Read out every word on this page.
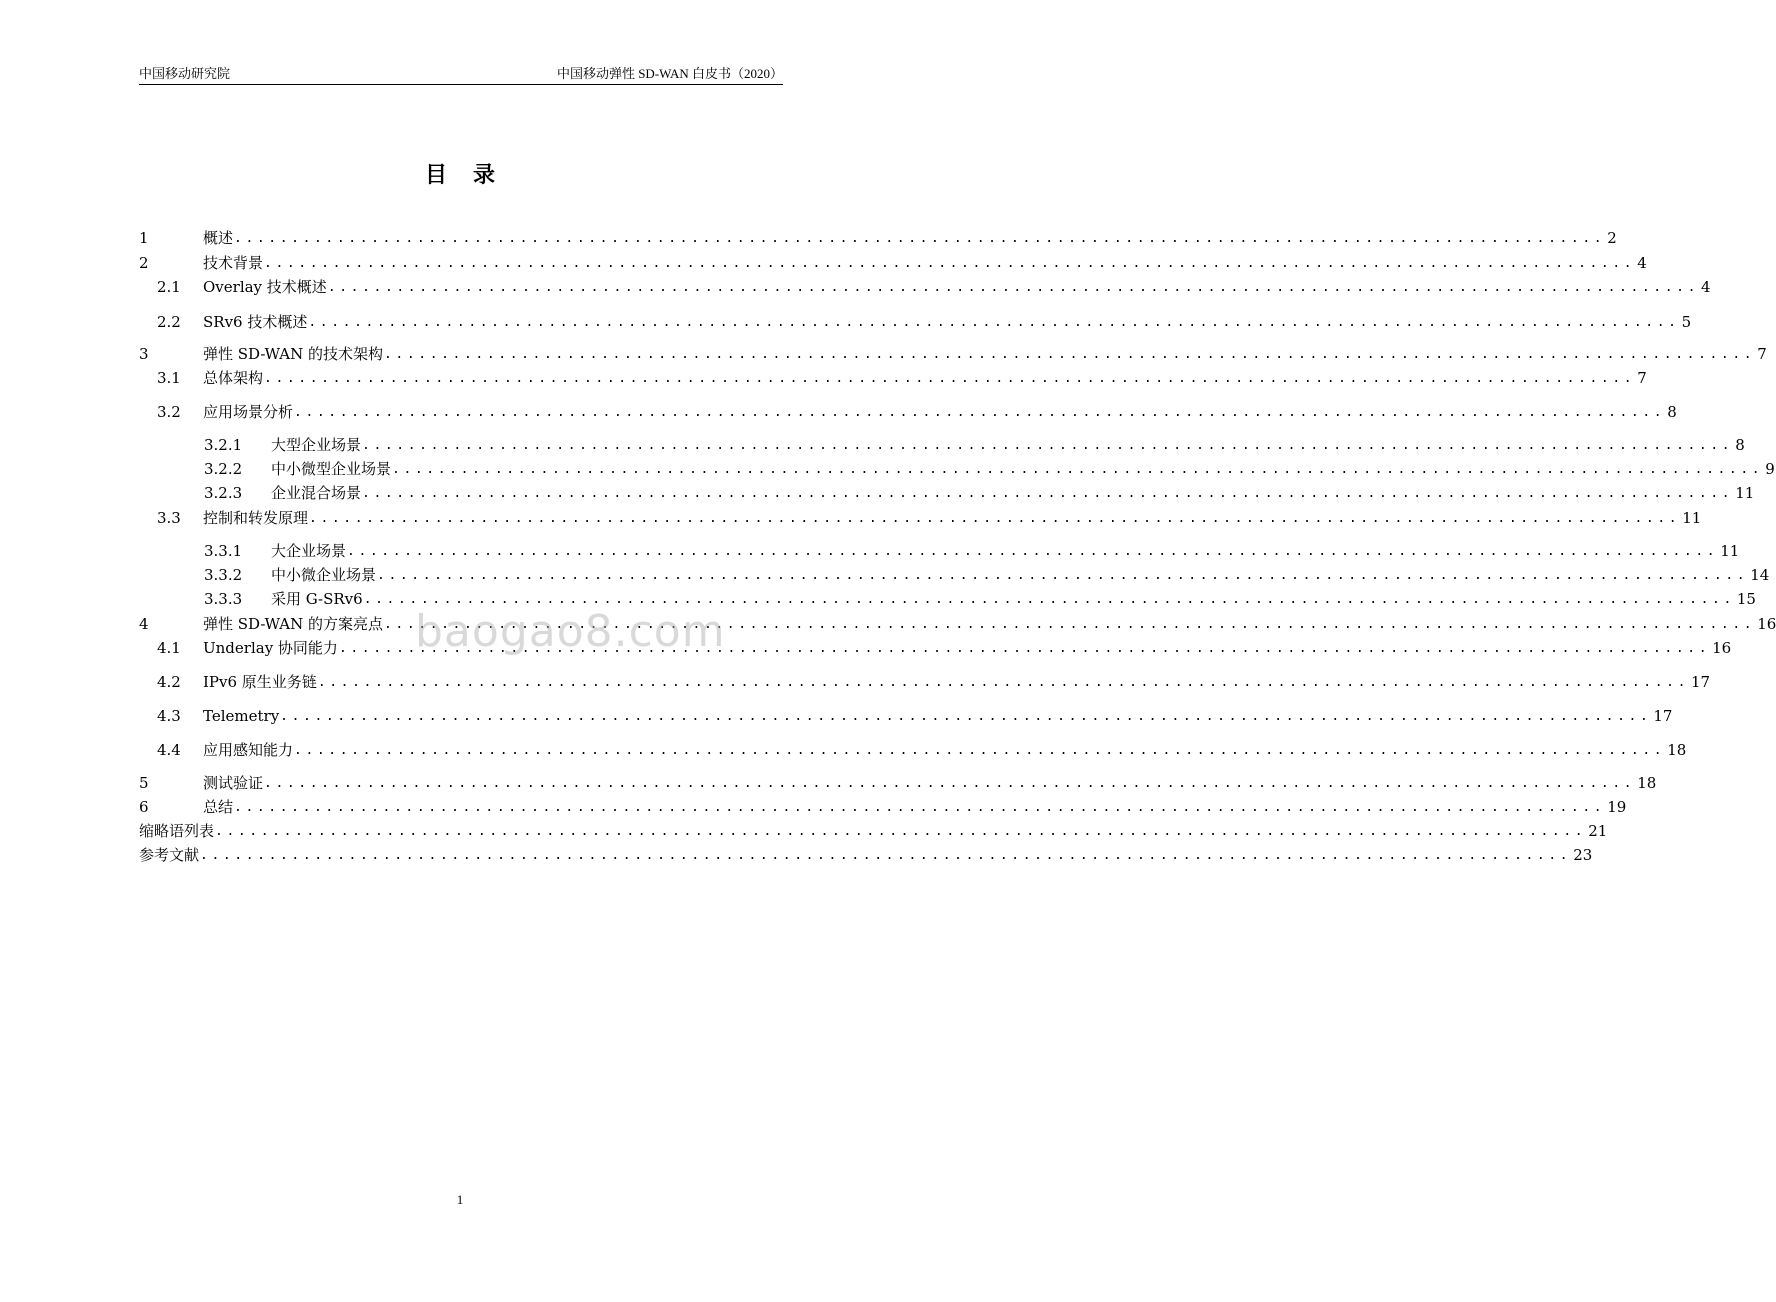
中国移动研究院	中国移动弹性 SD-WAN 白皮书（2020）
目录
1	概述 ........................................................................................................................ 2
2	技术背景 ........................................................................................................................ 4
2.1	Overlay 技术概述 ........................................................................................................................ 4
2.2	SRv6 技术概述 ........................................................................................................................ 5
3	弹性 SD-WAN 的技术架构 ........................................................................................................................ 7
3.1	总体架构 ........................................................................................................................ 7
3.2	应用场景分析 ........................................................................................................................ 8
3.2.1	大型企业场景 ........................................................................................................................ 8
3.2.2	中小微型企业场景 ........................................................................................................................ 9
3.2.3	企业混合场景 ........................................................................................................................ 11
3.3	控制和转发原理 ........................................................................................................................ 11
3.3.1	大企业场景 ........................................................................................................................ 11
3.3.2	中小微企业场景 ........................................................................................................................ 14
3.3.3	采用 G-SRv6 ........................................................................................................................ 15
4	弹性 SD-WAN 的方案亮点 ........................................................................................................................ 16
4.1	Underlay 协同能力 ........................................................................................................................ 16
4.2	IPv6 原生业务链 ........................................................................................................................ 17
4.3	Telemetry ........................................................................................................................ 17
4.4	应用感知能力 ........................................................................................................................ 18
5	测试验证 ........................................................................................................................ 18
6	总结 ........................................................................................................................ 19
缩略语列表 ........................................................................................................................ 21
参考文献 ........................................................................................................................ 23
baogao8.com
1
